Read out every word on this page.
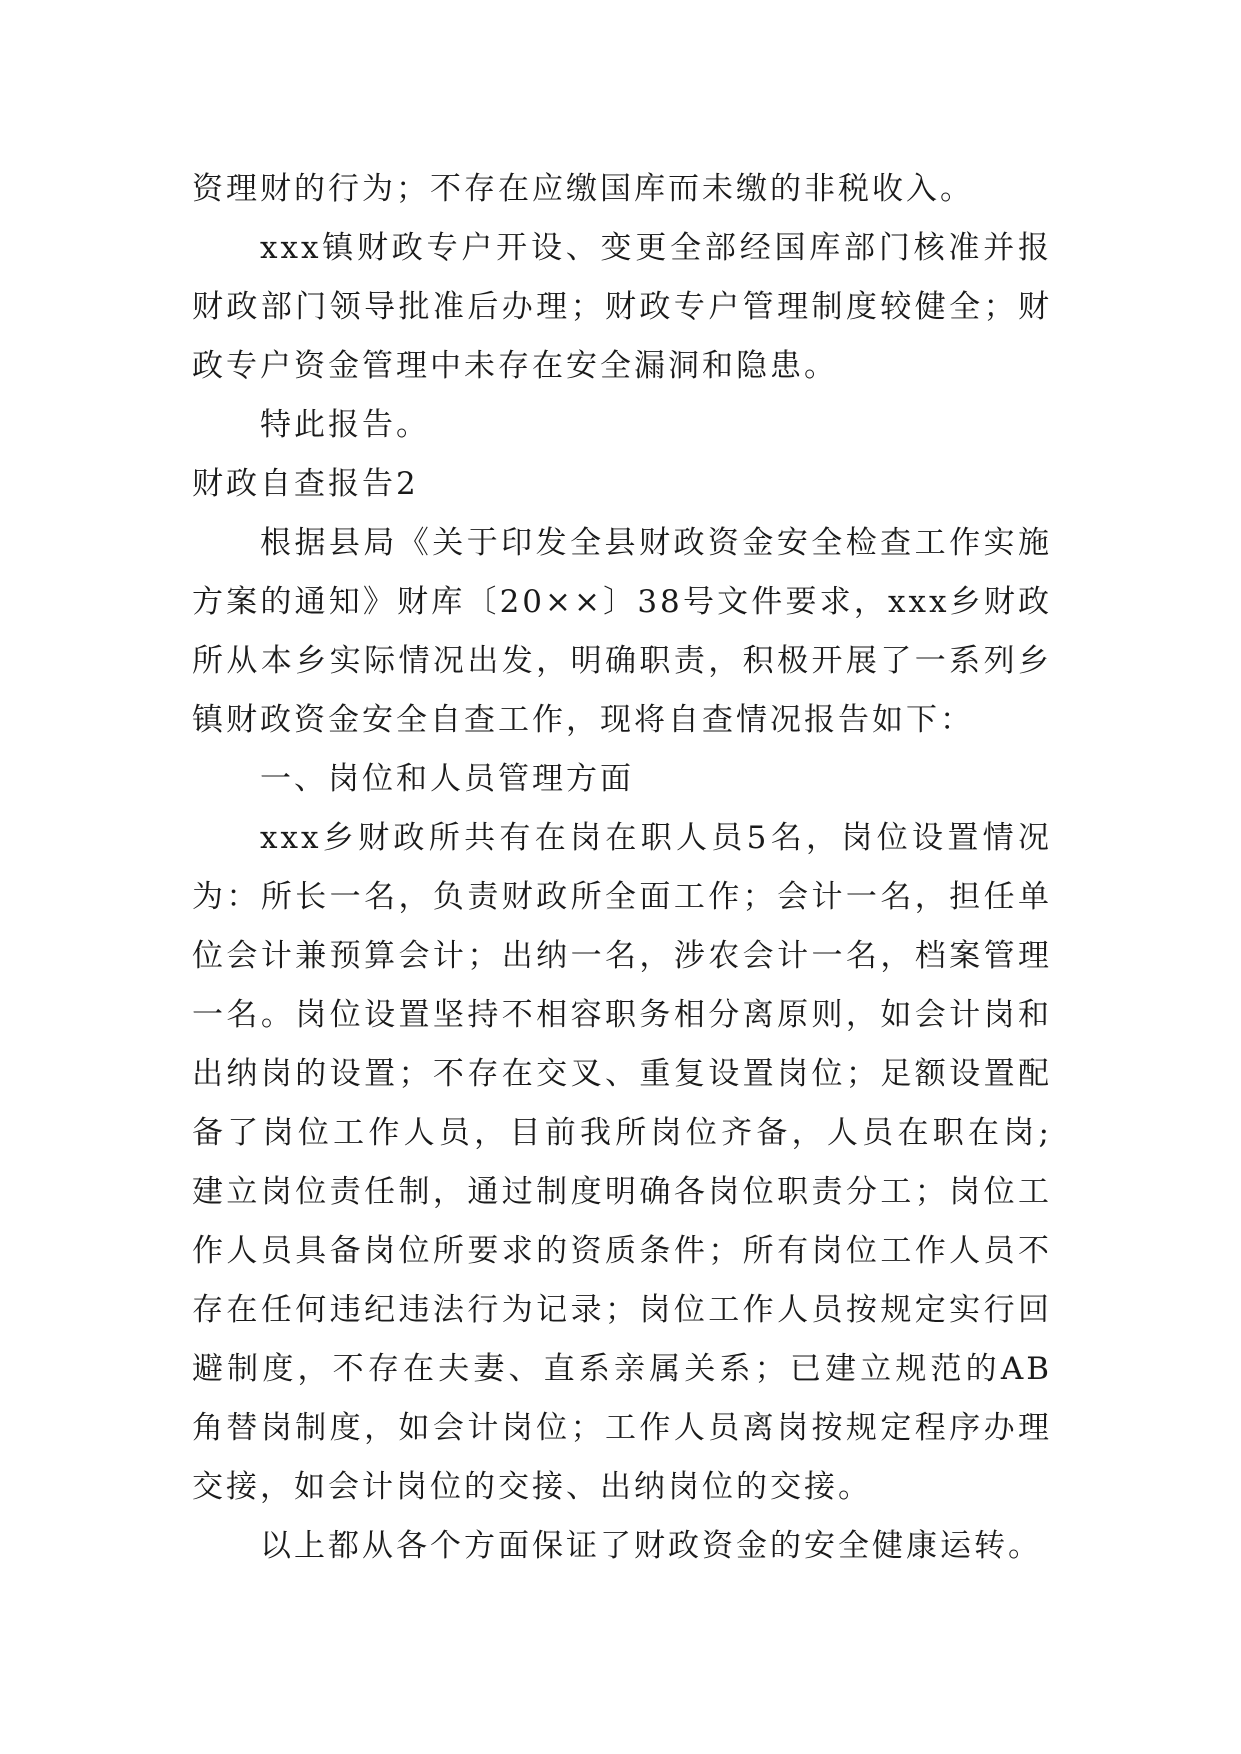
资理财的行为；不存在应缴国库而未缴的非税收入。

xxx镇财政专户开设、变更全部经国库部门核准并报财政部门领导批准后办理；财政专户管理制度较健全；财政专户资金管理中未存在安全漏洞和隐患。

特此报告。

财政自查报告2

根据县局《关于印发全县财政资金安全检查工作实施方案的通知》财库〔20××〕38号文件要求，xxx乡财政所从本乡实际情况出发，明确职责，积极开展了一系列乡镇财政资金安全自查工作，现将自查情况报告如下：

一、岗位和人员管理方面

xxx乡财政所共有在岗在职人员5名，岗位设置情况为：所长一名，负责财政所全面工作；会计一名，担任单位会计兼预算会计；出纳一名，涉农会计一名，档案管理一名。岗位设置坚持不相容职务相分离原则，如会计岗和出纳岗的设置；不存在交叉、重复设置岗位；足额设置配备了岗位工作人员，目前我所岗位齐备，人员在职在岗;建立岗位责任制，通过制度明确各岗位职责分工；岗位工作人员具备岗位所要求的资质条件；所有岗位工作人员不存在任何违纪违法行为记录；岗位工作人员按规定实行回避制度，不存在夫妻、直系亲属关系；已建立规范的AB角替岗制度，如会计岗位；工作人员离岗按规定程序办理交接，如会计岗位的交接、出纳岗位的交接。

以上都从各个方面保证了财政资金的安全健康运转。
